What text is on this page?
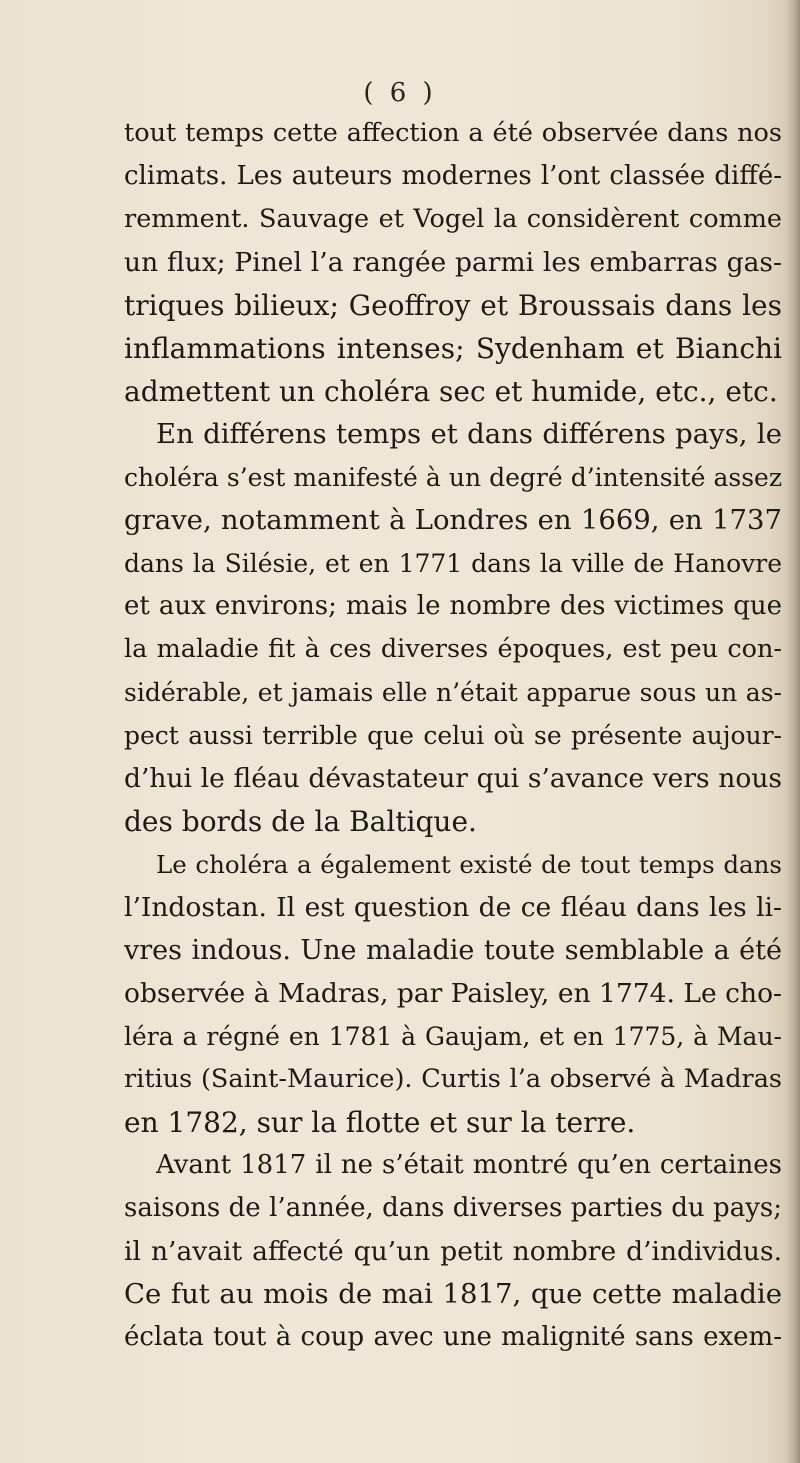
( 6 )
tout temps cette affection a été observée dans nos
climats. Les auteurs modernes l’ont classée diffé-
remment. Sauvage et Vogel la considèrent comme
un flux; Pinel l’a rangée parmi les embarras gas-
triques bilieux; Geoffroy et Broussais dans les
inflammations intenses; Sydenham et Bianchi
admettent un choléra sec et humide, etc., etc.
En différens temps et dans différens pays, le
choléra s’est manifesté à un degré d’intensité assez
grave, notamment à Londres en 1669, en 1737
dans la Silésie, et en 1771 dans la ville de Hanovre
et aux environs; mais le nombre des victimes que
la maladie fit à ces diverses époques, est peu con-
sidérable, et jamais elle n’était apparue sous un as-
pect aussi terrible que celui où se présente aujour-
d’hui le fléau dévastateur qui s’avance vers nous
des bords de la Baltique.
Le choléra a également existé de tout temps dans
l’Indostan. Il est question de ce fléau dans les li-
vres indous. Une maladie toute semblable a été
observée à Madras, par Paisley, en 1774. Le cho-
léra a régné en 1781 à Gaujam, et en 1775, à Mau-
ritius (Saint-Maurice). Curtis l’a observé à Madras
en 1782, sur la flotte et sur la terre.
Avant 1817 il ne s’était montré qu’en certaines
saisons de l’année, dans diverses parties du pays;
il n’avait affecté qu’un petit nombre d’individus.
Ce fut au mois de mai 1817, que cette maladie
éclata tout à coup avec une malignité sans exem-
